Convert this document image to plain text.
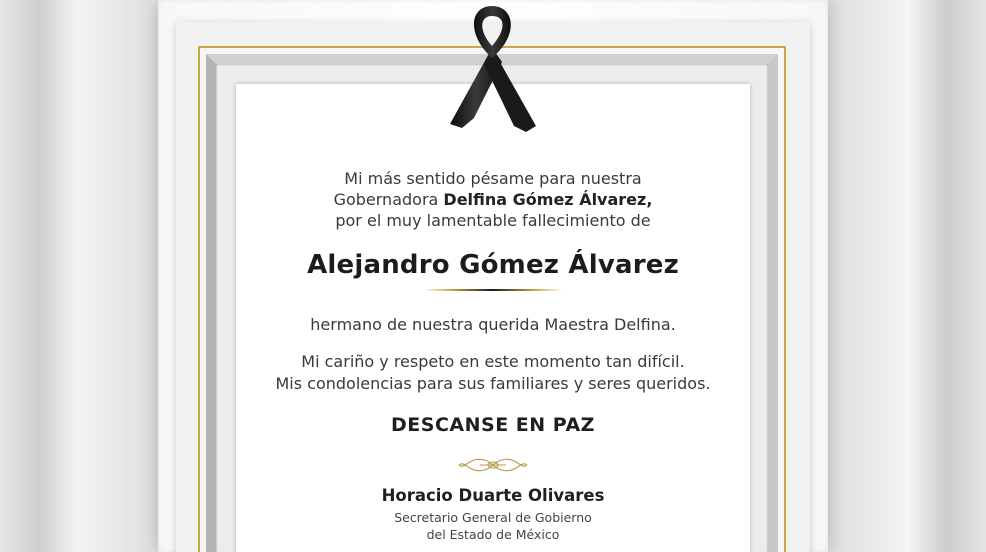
Mi más sentido pésame para nuestra
Gobernadora Delfina Gómez Álvarez,
por el muy lamentable fallecimiento de
Alejandro Gómez Álvarez
hermano de nuestra querida Maestra Delfina.
Mi cariño y respeto en este momento tan difícil.
Mis condolencias para sus familiares y seres queridos.
DESCANSE EN PAZ
Horacio Duarte Olivares
Secretario General de Gobierno
del Estado de México
